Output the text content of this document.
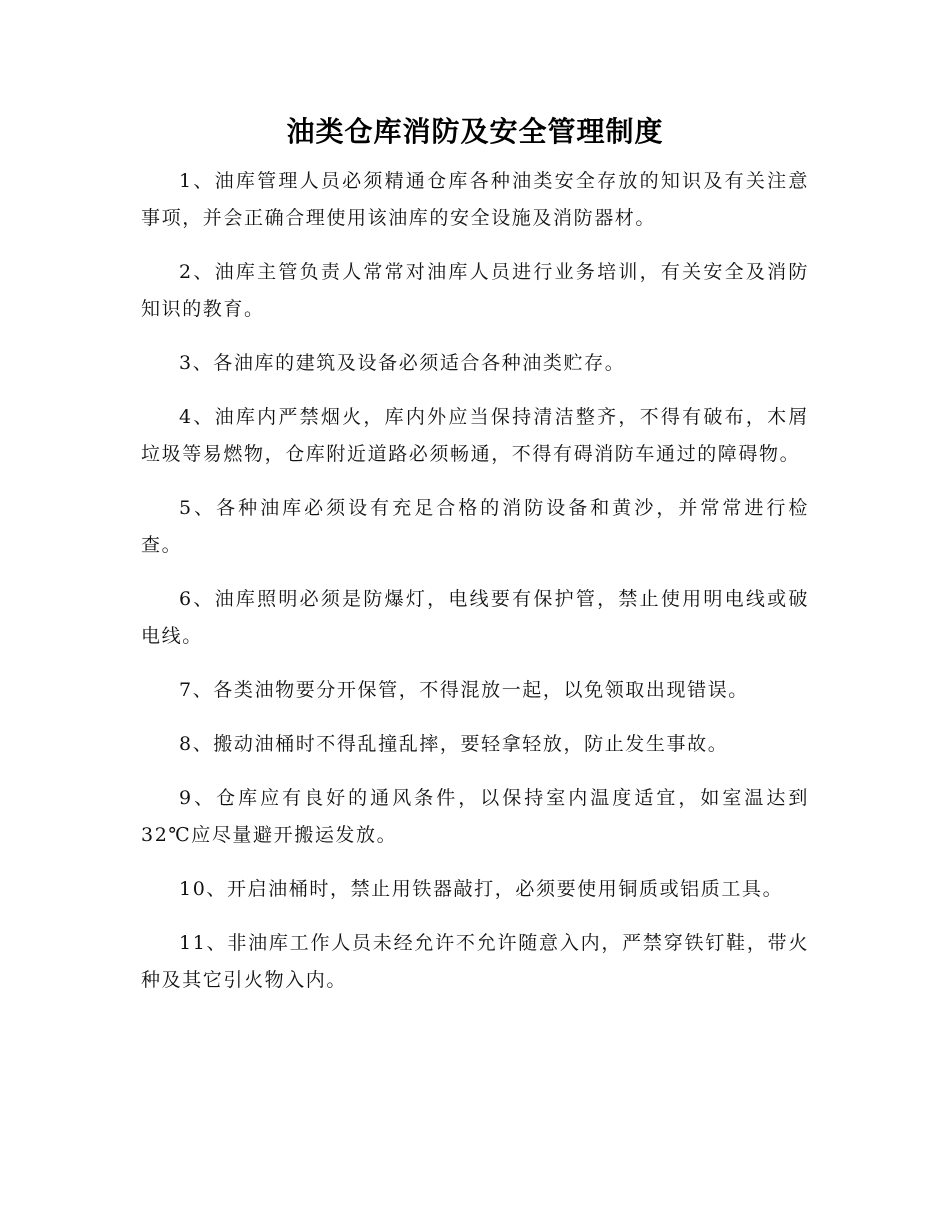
油类仓库消防及安全管理制度

1、油库管理人员必须精通仓库各种油类安全存放的知识及有关注意事项，并会正确合理使用该油库的安全设施及消防器材。

2、油库主管负责人常常对油库人员进行业务培训，有关安全及消防知识的教育。

3、各油库的建筑及设备必须适合各种油类贮存。

4、油库内严禁烟火，库内外应当保持清洁整齐，不得有破布，木屑垃圾等易燃物，仓库附近道路必须畅通，不得有碍消防车通过的障碍物。

5、各种油库必须设有充足合格的消防设备和黄沙，并常常进行检查。

6、油库照明必须是防爆灯，电线要有保护管，禁止使用明电线或破电线。

7、各类油物要分开保管，不得混放一起，以免领取出现错误。

8、搬动油桶时不得乱撞乱摔，要轻拿轻放，防止发生事故。

9、仓库应有良好的通风条件，以保持室内温度适宜，如室温达到32℃应尽量避开搬运发放。

10、开启油桶时，禁止用铁器敲打，必须要使用铜质或铝质工具。

11、非油库工作人员未经允许不允许随意入内，严禁穿铁钉鞋，带火种及其它引火物入内。
